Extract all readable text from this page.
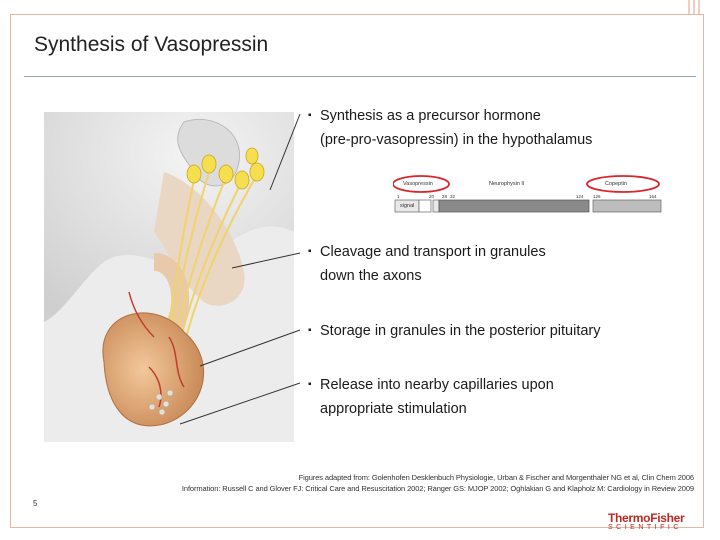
Synthesis of Vasopressin
▪ Synthesis as a precursor hormone
(pre-pro-vasopressin) in the hypothalamus
Vasopressin	Neurophysin II	Copeptin
1	20 28 32	124 126	164
signal
▪ Cleavage and transport in granules
down the axons
▪ Storage in granules in the posterior pituitary
▪ Release into nearby capillaries upon
appropriate stimulation
Figures adapted from: Golenhofen Desklenbuch Physiologie, Urban & Fischer and Morgenthaler NG et al, Clin Chem 2006
Information: Russell C and Glover FJ: Critical Care and Resuscitation 2002; Ranger GS: MJOP 2002; Oghlakian G and Klapholz M: Cardiology in Review 2009
5
ThermoFisher
SCIENTIFIC
